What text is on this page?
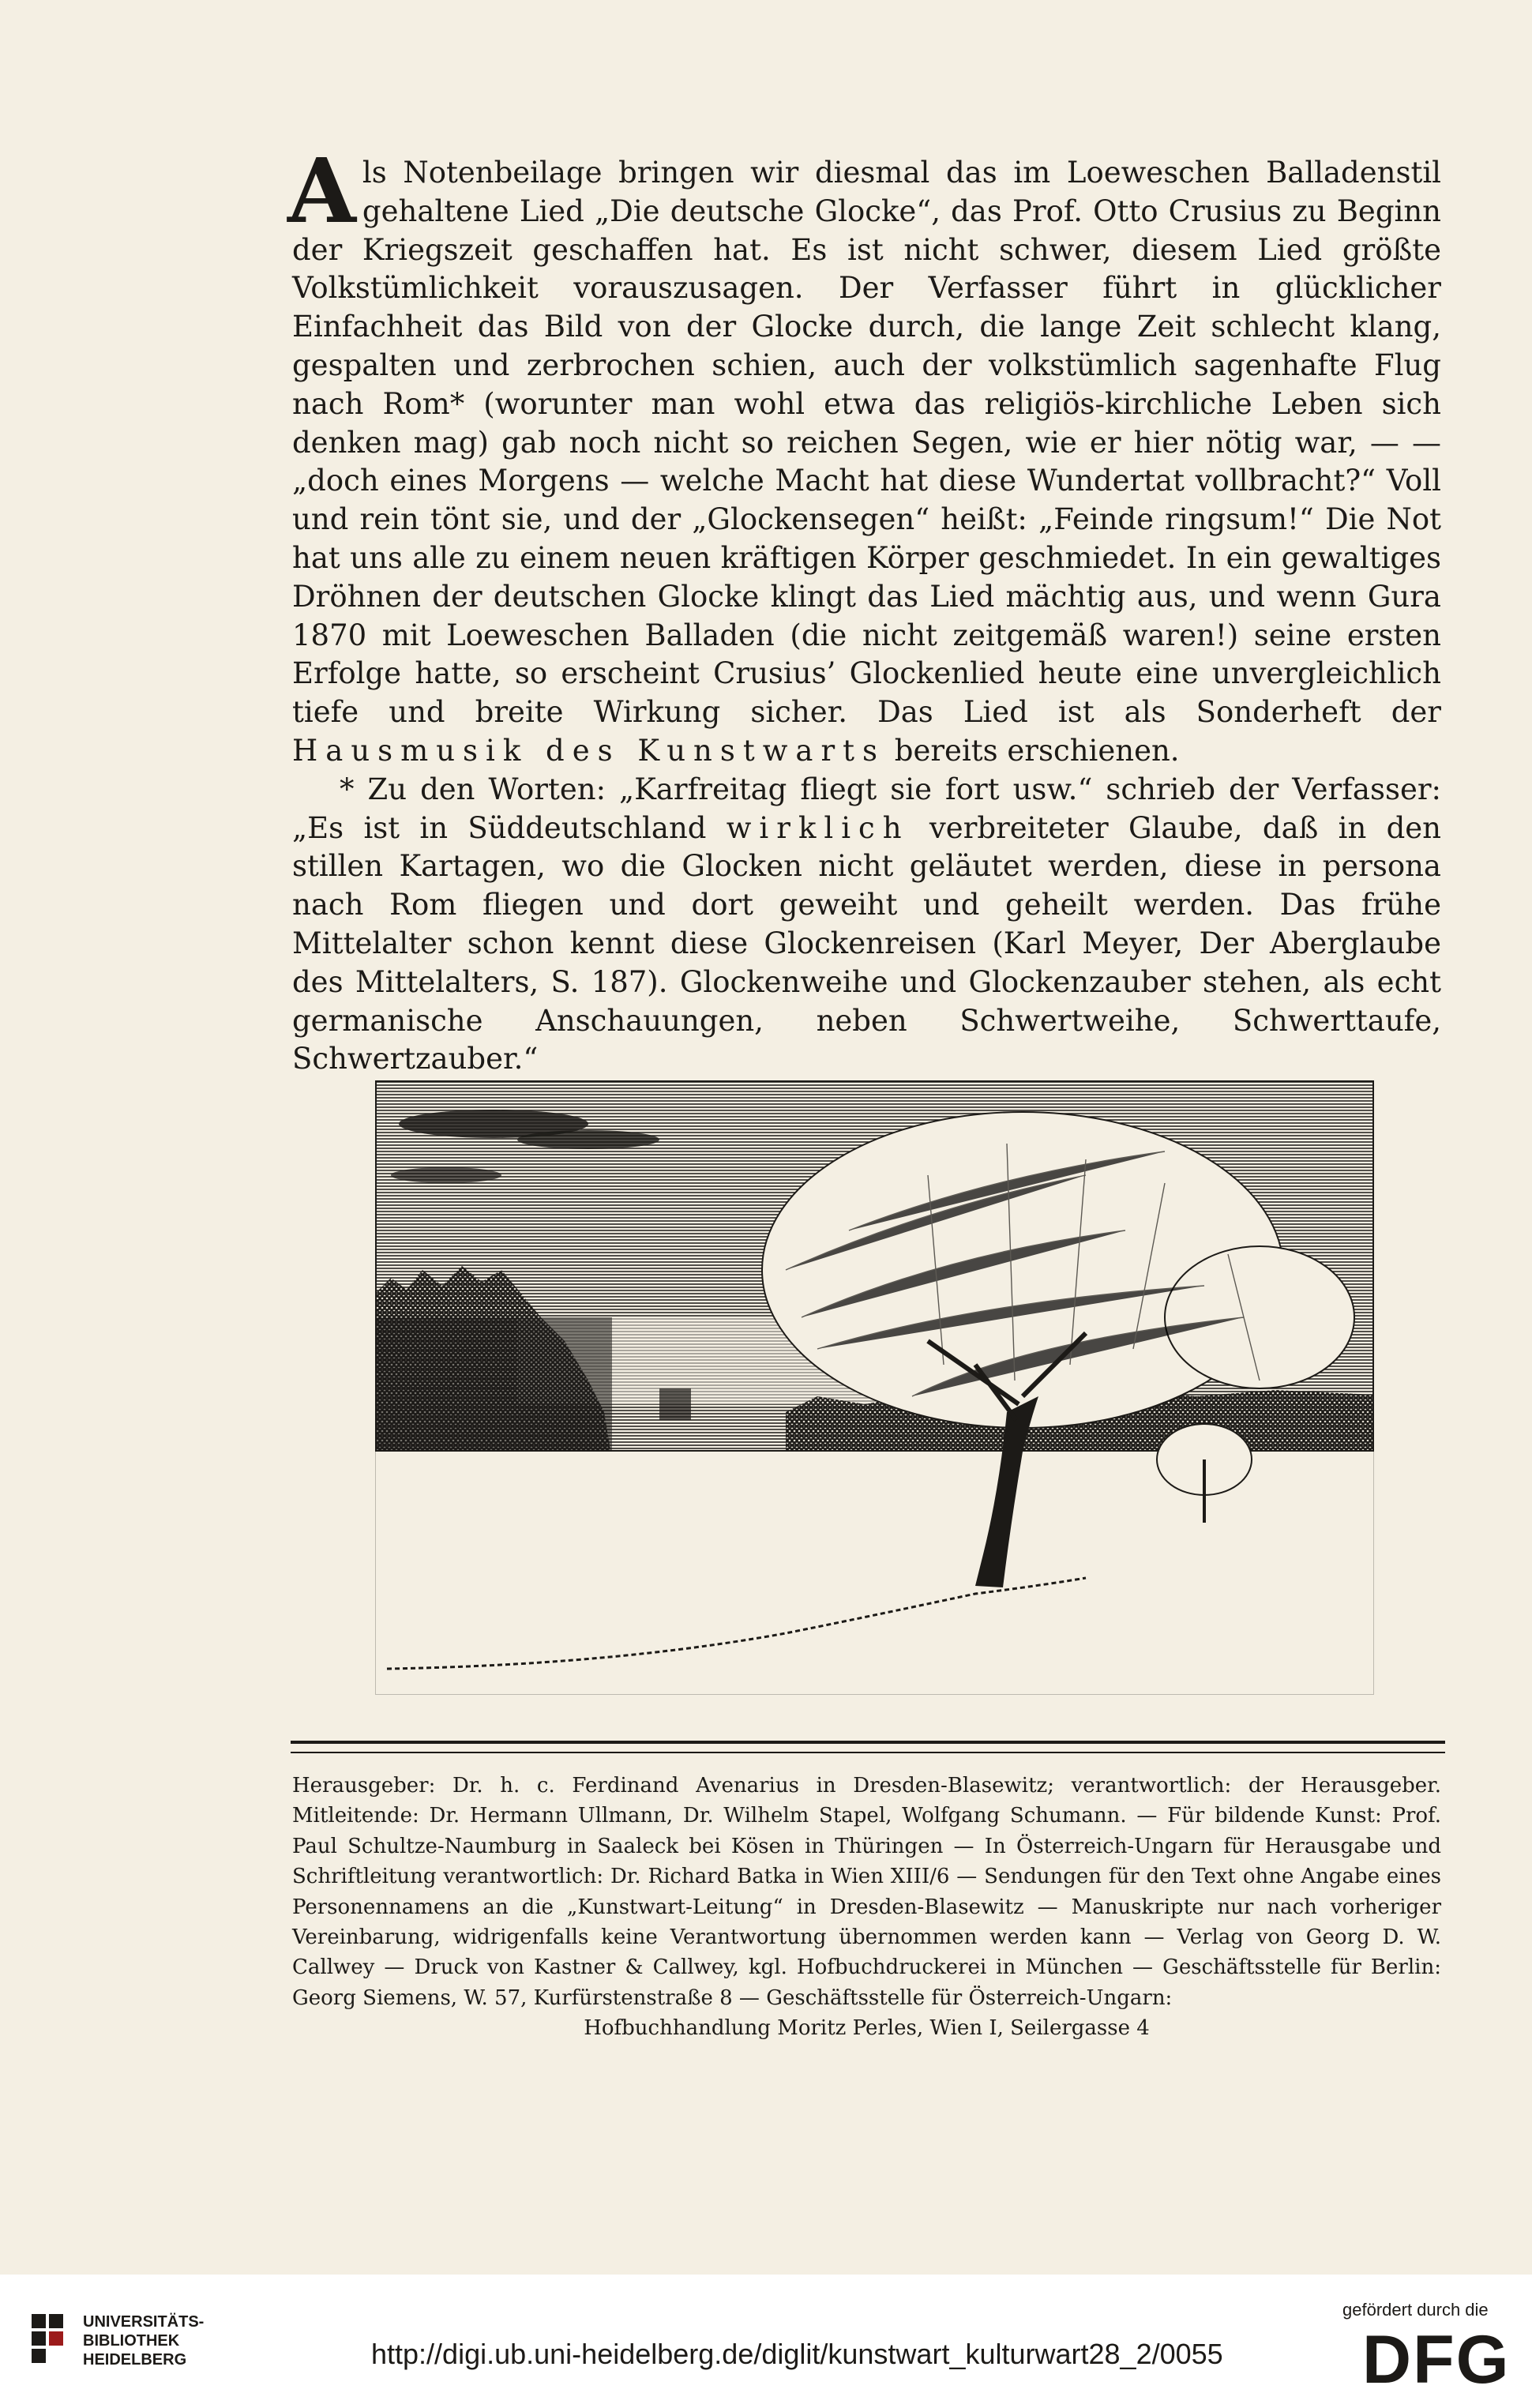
Als Notenbeilage bringen wir diesmal das im Loeweschen Balladenstil gehaltene Lied „Die deutsche Glocke“, das Prof. Otto Crusius zu Beginn der Kriegszeit geschaffen hat. Es ist nicht schwer, diesem Lied größte Volkstümlichkeit vorauszusagen. Der Verfasser führt in glücklicher Einfachheit das Bild von der Glocke durch, die lange Zeit schlecht klang, gespalten und zerbrochen schien, auch der volkstümlich sagenhafte Flug nach Rom* (worunter man wohl etwa das religiös-kirchliche Leben sich denken mag) gab noch nicht so reichen Segen, wie er hier nötig war, — — „doch eines Morgens — welche Macht hat diese Wundertat vollbracht?“ Voll und rein tönt sie, und der „Glockensegen“ heißt: „Feinde ringsum!“ Die Not hat uns alle zu einem neuen kräftigen Körper geschmiedet. In ein gewaltiges Dröhnen der deutschen Glocke klingt das Lied mächtig aus, und wenn Gura 1870 mit Loeweschen Balladen (die nicht zeitgemäß waren!) seine ersten Erfolge hatte, so erscheint Crusius’ Glockenlied heute eine unvergleichlich tiefe und breite Wirkung sicher. Das Lied ist als Sonderheft der Hausmusik des Kunstwarts bereits erschienen.

* Zu den Worten: „Karfreitag fliegt sie fort usw.“ schrieb der Verfasser: „Es ist in Süddeutschland wirklich verbreiteter Glaube, daß in den stillen Kartagen, wo die Glocken nicht geläutet werden, diese in persona nach Rom fliegen und dort geweiht und geheilt werden. Das frühe Mittelalter schon kennt diese Glockenreisen (Karl Meyer, Der Aberglaube des Mittelalters, S. 187). Glockenweihe und Glockenzauber stehen, als echt germanische Anschauungen, neben Schwertweihe, Schwerttaufe, Schwertzauber.“

Herausgeber: Dr. h. c. Ferdinand Avenarius in Dresden-Blasewitz; verantwortlich: der Herausgeber. Mitleitende: Dr. Hermann Ullmann, Dr. Wilhelm Stapel, Wolfgang Schumann. — Für bildende Kunst: Prof. Paul Schultze-Naumburg in Saaleck bei Kösen in Thüringen — In Österreich-Ungarn für Herausgabe und Schriftleitung verantwortlich: Dr. Richard Batka in Wien XIII/6 — Sendungen für den Text ohne Angabe eines Personennamens an die „Kunstwart-Leitung“ in Dresden-Blasewitz — Manuskripte nur nach vorheriger Vereinbarung, widrigenfalls keine Verantwortung übernommen werden kann — Verlag von Georg D. W. Callwey — Druck von Kastner & Callwey, kgl. Hofbuchdruckerei in München — Geschäftsstelle für Berlin: Georg Siemens, W. 57, Kurfürstenstraße 8 — Geschäftsstelle für Österreich-Ungarn:

Hofbuchhandlung Moritz Perles, Wien I, Seilergasse 4

UNIVERSITÄTS-
BIBLIOTHEK
HEIDELBERG	http://digi.ub.uni-heidelberg.de/diglit/kunstwart_kulturwart28_2/0055
gefördert durch die
DFG
